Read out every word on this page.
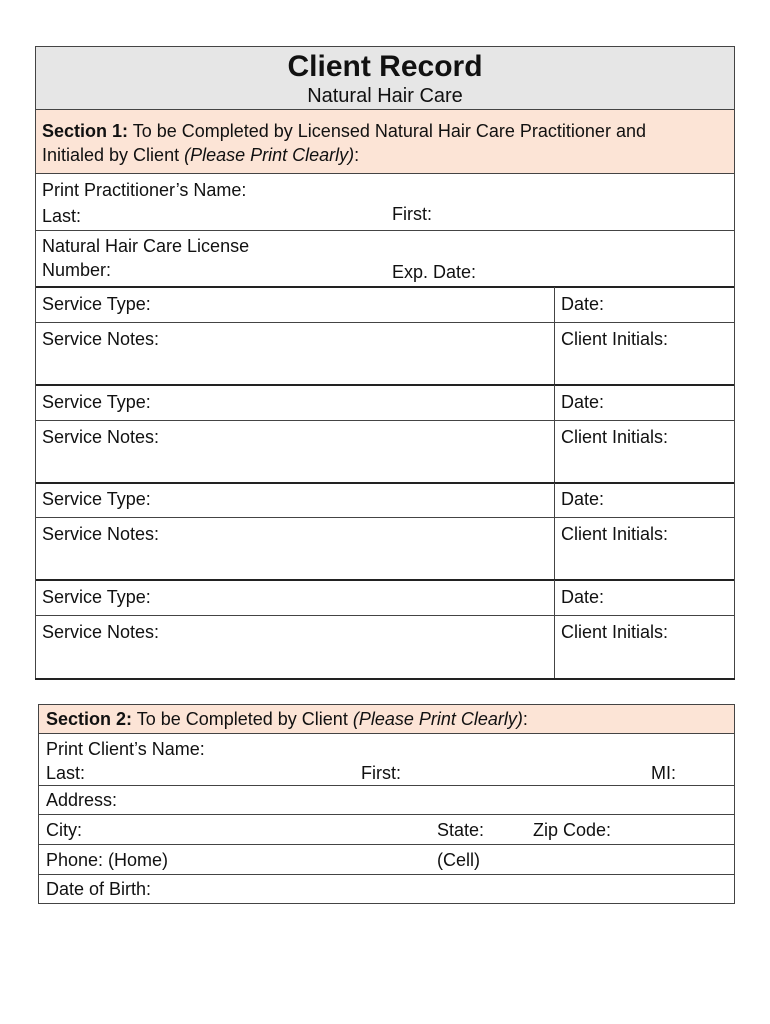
Client Record
Natural Hair Care
Section 1: To be Completed by Licensed Natural Hair Care Practitioner and
Initialed by Client (Please Print Clearly):
Print Practitioner’s Name:
Last:	First:
Natural Hair Care License
Number:	Exp. Date:
Service Type:	Date:
Service Notes:	Client Initials:
Service Type:	Date:
Service Notes:	Client Initials:
Service Type:	Date:
Service Notes:	Client Initials:
Service Type:	Date:
Service Notes:	Client Initials:
Section 2: To be Completed by Client (Please Print Clearly):
Print Client’s Name:
Last:	First:	MI:
Address:
City:	State:	Zip Code:
Phone: (Home)	(Cell)
Date of Birth:
